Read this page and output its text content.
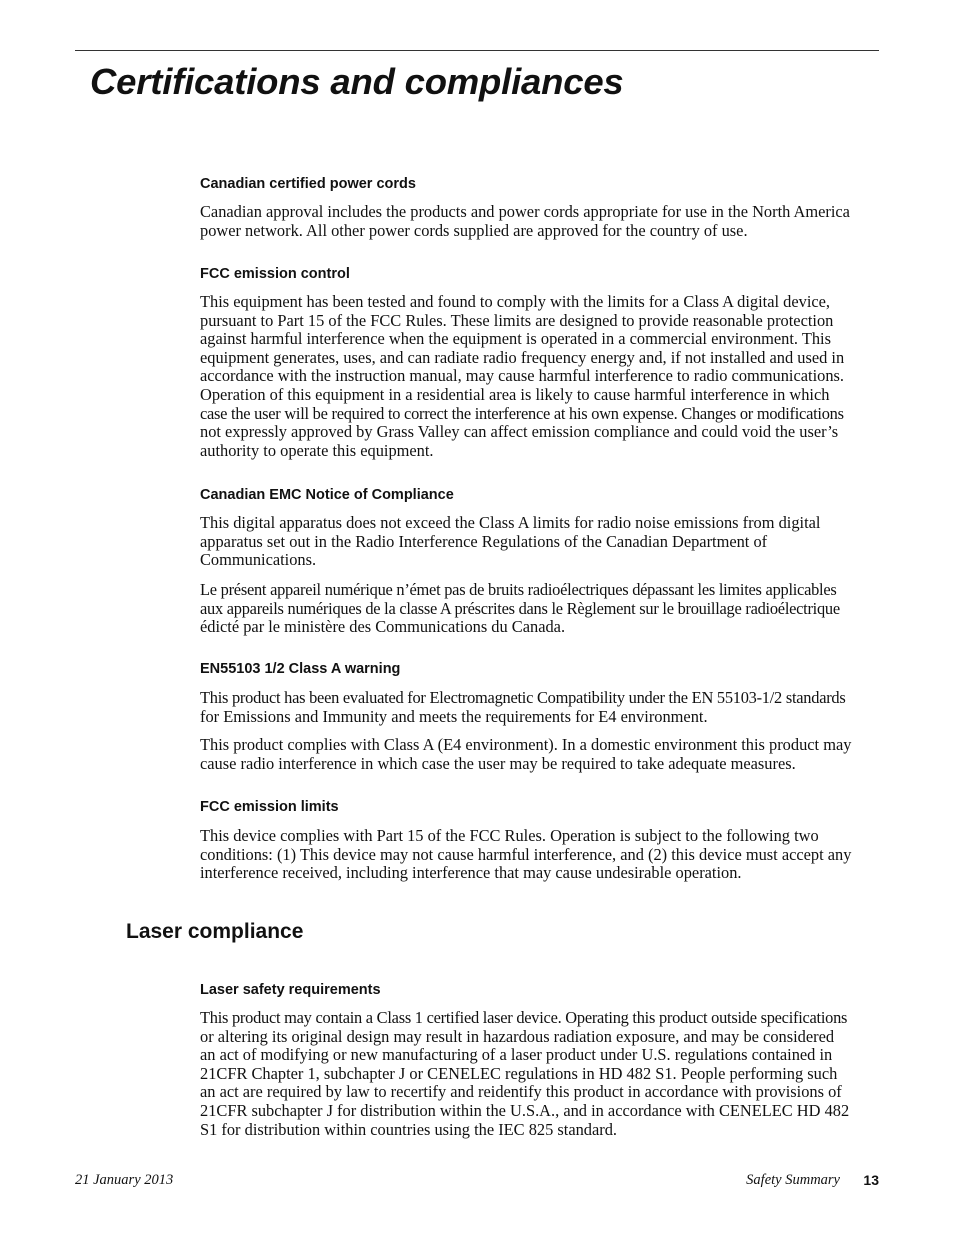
Certifications and compliances
Canadian certified power cords

Canadian approval includes the products and power cords appropriate for use in the North America
power network. All other power cords supplied are approved for the country of use.

FCC emission control

This equipment has been tested and found to comply with the limits for a Class A digital device,
pursuant to Part 15 of the FCC Rules. These limits are designed to provide reasonable protection
against harmful interference when the equipment is operated in a commercial environment. This
equipment generates, uses, and can radiate radio frequency energy and, if not installed and used in
accordance with the instruction manual, may cause harmful interference to radio communications.
Operation of this equipment in a residential area is likely to cause harmful interference in which
case the user will be required to correct the interference at his own expense. Changes or modifications
not expressly approved by Grass Valley can affect emission compliance and could void the user’s
authority to operate this equipment.

Canadian EMC Notice of Compliance

This digital apparatus does not exceed the Class A limits for radio noise emissions from digital
apparatus set out in the Radio Interference Regulations of the Canadian Department of
Communications.

Le présent appareil numérique n’émet pas de bruits radioélectriques dépassant les limites applicables
aux appareils numériques de la classe A préscrites dans le Règlement sur le brouillage radioélectrique
édicté par le ministère des Communications du Canada.

EN55103 1/2 Class A warning

This product has been evaluated for Electromagnetic Compatibility under the EN 55103-1/2 standards
for Emissions and Immunity and meets the requirements for E4 environment.

This product complies with Class A (E4 environment). In a domestic environment this product may
cause radio interference in which case the user may be required to take adequate measures.

FCC emission limits

This device complies with Part 15 of the FCC Rules. Operation is subject to the following two
conditions: (1) This device may not cause harmful interference, and (2) this device must accept any
interference received, including interference that may cause undesirable operation.

Laser compliance
Laser safety requirements

This product may contain a Class 1 certified laser device. Operating this product outside specifications
or altering its original design may result in hazardous radiation exposure, and may be considered
an act of modifying or new manufacturing of a laser product under U.S. regulations contained in
21CFR Chapter 1, subchapter J or CENELEC regulations in HD 482 S1. People performing such
an act are required by law to recertify and reidentify this product in accordance with provisions of
21CFR subchapter J for distribution within the U.S.A., and in accordance with CENELEC HD 482
S1 for distribution within countries using the IEC 825 standard.

21 January 2013	Safety Summary 13
